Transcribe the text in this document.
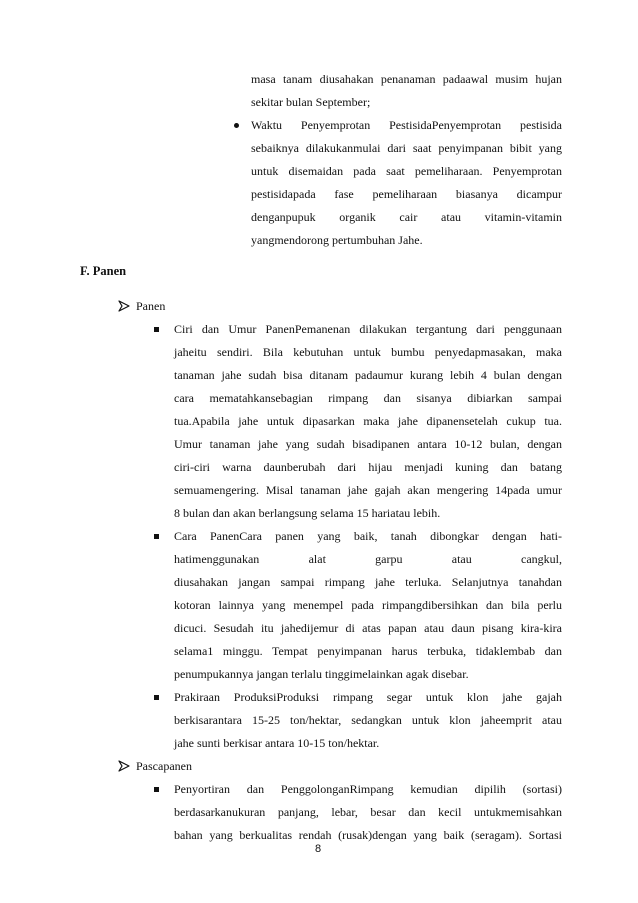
masa tanam diusahakan penanaman padaawal musim hujan
sekitar bulan September;
Waktu Penyemprotan PestisidaPenyemprotan pestisida
sebaiknya dilakukanmulai dari saat penyimpanan bibit yang
untuk disemaidan pada saat pemeliharaan. Penyemprotan
pestisidapada fase pemeliharaan biasanya dicampur
denganpupuk organik cair atau vitamin-vitamin
yangmendorong pertumbuhan Jahe.
F. Panen
Panen
Ciri dan Umur PanenPemanenan dilakukan tergantung dari penggunaan
jaheitu sendiri. Bila kebutuhan untuk bumbu penyedapmasakan, maka
tanaman jahe sudah bisa ditanam padaumur kurang lebih 4 bulan dengan
cara mematahkansebagian rimpang dan sisanya dibiarkan sampai
tua.Apabila jahe untuk dipasarkan maka jahe dipanensetelah cukup tua.
Umur tanaman jahe yang sudah bisadipanen antara 10-12 bulan, dengan
ciri-ciri warna daunberubah dari hijau menjadi kuning dan batang
semuamengering. Misal tanaman jahe gajah akan mengering 14pada umur
8 bulan dan akan berlangsung selama 15 hariatau lebih.
Cara PanenCara panen yang baik, tanah dibongkar dengan hati-
hatimenggunakan alat garpu atau cangkul,
diusahakan jangan sampai rimpang jahe terluka. Selanjutnya tanahdan
kotoran lainnya yang menempel pada rimpangdibersihkan dan bila perlu
dicuci. Sesudah itu jahedijemur di atas papan atau daun pisang kira-kira
selama1 minggu. Tempat penyimpanan harus terbuka, tidaklembab dan
penumpukannya jangan terlalu tinggimelainkan agak disebar.
Prakiraan ProduksiProduksi rimpang segar untuk klon jahe gajah
berkisarantara 15-25 ton/hektar, sedangkan untuk klon jaheemprit atau
jahe sunti berkisar antara 10-15 ton/hektar.
Pascapanen
Penyortiran dan PenggolonganRimpang kemudian dipilih (sortasi)
berdasarkanukuran panjang, lebar, besar dan kecil untukmemisahkan
bahan yang berkualitas rendah (rusak)dengan yang baik (seragam). Sortasi
8
